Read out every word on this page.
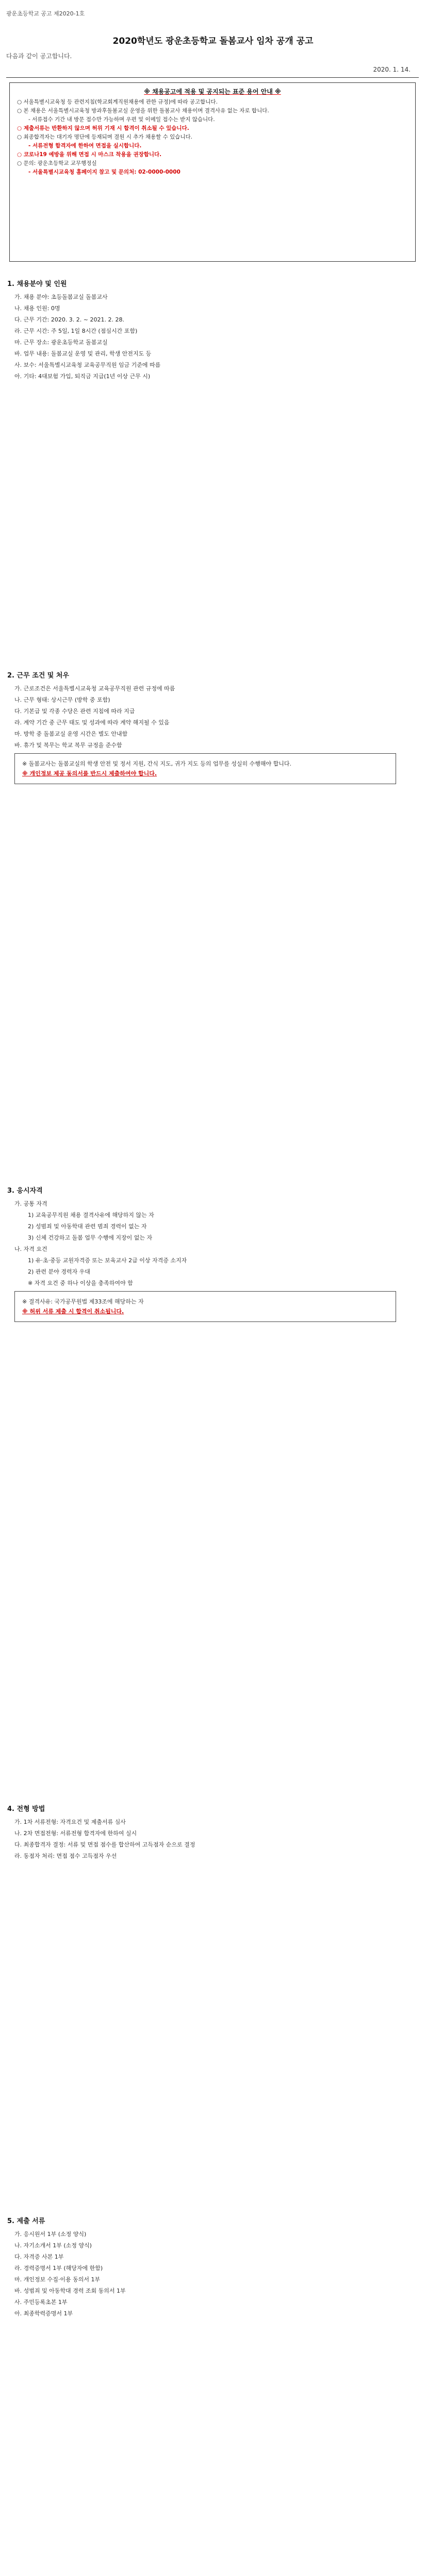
광운초등학교 공고 제2020-1호
2020학년도 광운초등학교 돌봄교사 임차 공개 공고
다음과 같이 공고합니다.
2020. 1. 14.
※ 채용공고에 적용 및 공지되는 표준 용어 안내 ※
○ 서울특별시교육청 등 관련지침(학교회계직원채용에 관한 규정)에 따라 공고합니다.
○ 본 채용은 서울특별시교육청 방과후돌봄교실 운영을 위한 돌봄교사 채용이며 결격사유 없는 자로 합니다.
- 서류접수 기간 내 방문 접수만 가능하며 우편 및 이메일 접수는 받지 않습니다.
○ 제출서류는 반환하지 않으며 허위 기재 시 합격이 취소될 수 있습니다.
○ 최종합격자는 대기자 명단에 등재되며 결원 시 추가 채용할 수 있습니다.
- 서류전형 합격자에 한하여 면접을 실시합니다.
○ 코로나19 예방을 위해 면접 시 마스크 착용을 권장합니다.
○ 문의: 광운초등학교 교무행정실
- 서울특별시교육청 홈페이지 참고 및 문의처: 02-0000-0000
1. 채용분야 및 인원
가. 채용 분야: 초등돌봄교실 돌봄교사
나. 채용 인원: 0명
다. 근무 기간: 2020. 3. 2. ~ 2021. 2. 28.
라. 근무 시간: 주 5일, 1일 8시간 (점심시간 포함)
마. 근무 장소: 광운초등학교 돌봄교실
바. 업무 내용: 돌봄교실 운영 및 관리, 학생 안전지도 등
사. 보수: 서울특별시교육청 교육공무직원 임금 기준에 따름
아. 기타: 4대보험 가입, 퇴직금 지급(1년 이상 근무 시)
2. 근무 조건 및 처우
가. 근로조건은 서울특별시교육청 교육공무직원 관련 규정에 따름
나. 근무 형태: 상시근무 (방학 중 포함)
다. 기본급 및 각종 수당은 관련 지침에 따라 지급
라. 계약 기간 중 근무 태도 및 성과에 따라 계약 해지될 수 있음
마. 방학 중 돌봄교실 운영 시간은 별도 안내함
바. 휴가 및 복무는 학교 복무 규정을 준수함
※ 돌봄교사는 돌봄교실의 학생 안전 및 정서 지원, 간식 지도, 귀가 지도 등의 업무를 성실히 수행해야 합니다.
※ 개인정보 제공 동의서를 반드시 제출하여야 합니다.
3. 응시자격
가. 공통 자격
1) 교육공무직원 채용 결격사유에 해당하지 않는 자
2) 성범죄 및 아동학대 관련 범죄 경력이 없는 자
3) 신체 건강하고 돌봄 업무 수행에 지장이 없는 자
나. 자격 요건
1) 유·초·중등 교원자격증 또는 보육교사 2급 이상 자격증 소지자
2) 관련 분야 경력자 우대
※ 자격 요건 중 하나 이상을 충족하여야 함
※ 결격사유: 국가공무원법 제33조에 해당하는 자
※ 허위 서류 제출 시 합격이 취소됩니다.
4. 전형 방법
가. 1차 서류전형: 자격요건 및 제출서류 심사
나. 2차 면접전형: 서류전형 합격자에 한하여 실시
다. 최종합격자 결정: 서류 및 면접 점수를 합산하여 고득점자 순으로 결정
라. 동점자 처리: 면접 점수 고득점자 우선
5. 제출 서류
가. 응시원서 1부 (소정 양식)
나. 자기소개서 1부 (소정 양식)
다. 자격증 사본 1부
라. 경력증명서 1부 (해당자에 한함)
마. 개인정보 수집·이용 동의서 1부
바. 성범죄 및 아동학대 경력 조회 동의서 1부
사. 주민등록초본 1부
아. 최종학력증명서 1부
